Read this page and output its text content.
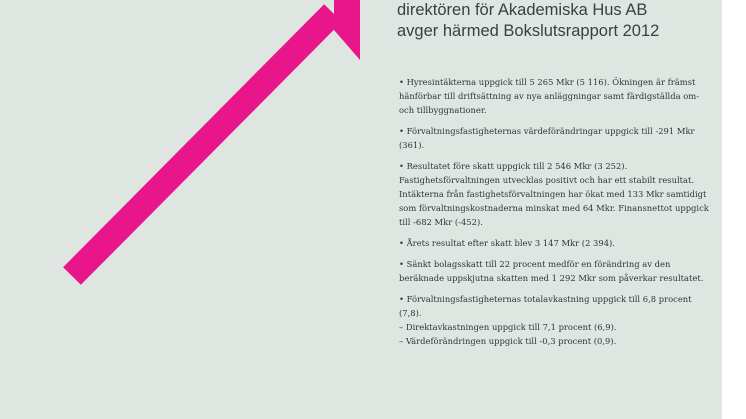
direktören för Akademiska Hus AB
avger härmed Bokslutsrapport 2012
• Hyresintäkterna uppgick till 5 265 Mkr (5 116). Ökningen är främst hänförbar till driftsättning av nya anläggningar samt färdigställda om- och tillbyggnationer.
• Förvaltningsfastigheternas värdeförändringar uppgick till -291 Mkr (361).
• Resultatet före skatt uppgick till 2 546 Mkr (3 252). Fastighetsförvaltningen utvecklas positivt och har ett stabilt resultat. Intäkterna från fastighetsförvaltningen har ökat med 133 Mkr samtidigt som förvaltningskostnaderna minskat med 64 Mkr. Finansnettot uppgick till -682 Mkr (-452).
• Årets resultat efter skatt blev 3 147 Mkr (2 394).
• Sänkt bolagsskatt till 22 procent medför en förändring av den beräknade uppskjutna skatten med 1 292 Mkr som påverkar resultatet.
• Förvaltningsfastigheternas totalavkastning uppgick till 6,8 procent (7,8).
– Direktavkastningen uppgick till 7,1 procent (6,9).
– Värdeförändringen uppgick till -0,3 procent (0,9).
